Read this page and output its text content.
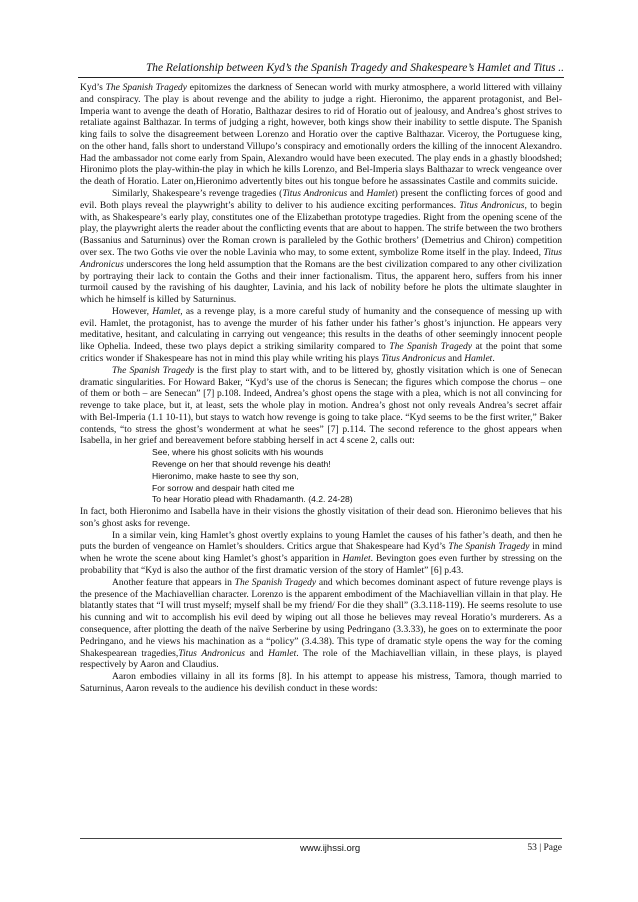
The Relationship between Kyd’s the Spanish Tragedy and Shakespeare’s Hamlet and Titus ..

Kyd’s The Spanish Tragedy epitomizes the darkness of Senecan world with murky atmosphere, a world littered with villainy and conspiracy. The play is about revenge and the ability to judge a right. Hieronimo, the apparent protagonist, and Bel-Imperia want to avenge the death of Horatio, Balthazar desires to rid of Horatio out of jealousy, and Andrea’s ghost strives to retaliate against Balthazar. In terms of judging a right, however, both kings show their inability to settle dispute. The Spanish king fails to solve the disagreement between Lorenzo and Horatio over the captive Balthazar. Viceroy, the Portuguese king, on the other hand, falls short to understand Villupo’s conspiracy and emotionally orders the killing of the innocent Alexandro. Had the ambassador not come early from Spain, Alexandro would have been executed. The play ends in a ghastly bloodshed; Hironimo plots the play-within-the play in which he kills Lorenzo, and Bel-Imperia slays Balthazar to wreck vengeance over the death of Horatio. Later on,Hieronimo advertently bites out his tongue before he assassinates Castile and commits suicide.

Similarly, Shakespeare’s revenge tragedies (Titus Andronicus and Hamlet) present the conflicting forces of good and evil. Both plays reveal the playwright’s ability to deliver to his audience exciting performances. Titus Andronicus, to begin with, as Shakespeare’s early play, constitutes one of the Elizabethan prototype tragedies. Right from the opening scene of the play, the playwright alerts the reader about the conflicting events that are about to happen. The strife between the two brothers (Bassanius and Saturninus) over the Roman crown is paralleled by the Gothic brothers’ (Demetrius and Chiron) competition over sex. The two Goths vie over the noble Lavinia who may, to some extent, symbolize Rome itself in the play. Indeed, Titus Andronicus underscores the long held assumption that the Romans are the best civilization compared to any other civilization by portraying their lack to contain the Goths and their inner factionalism. Titus, the apparent hero, suffers from his inner turmoil caused by the ravishing of his daughter, Lavinia, and his lack of nobility before he plots the ultimate slaughter in which he himself is killed by Saturninus.

However, Hamlet, as a revenge play, is a more careful study of humanity and the consequence of messing up with evil. Hamlet, the protagonist, has to avenge the murder of his father under his father’s ghost’s injunction. He appears very meditative, hesitant, and calculating in carrying out vengeance; this results in the deaths of other seemingly innocent people like Ophelia. Indeed, these two plays depict a striking similarity compared to The Spanish Tragedy at the point that some critics wonder if Shakespeare has not in mind this play while writing his plays Titus Andronicus and Hamlet.

The Spanish Tragedy is the first play to start with, and to be littered by, ghostly visitation which is one of Senecan dramatic singularities. For Howard Baker, “Kyd’s use of the chorus is Senecan; the figures which compose the chorus – one of them or both – are Senecan” [7] p.108. Indeed, Andrea’s ghost opens the stage with a plea, which is not all convincing for revenge to take place, but it, at least, sets the whole play in motion. Andrea’s ghost not only reveals Andrea’s secret affair with Bel-Imperia (1.1 10-11), but stays to watch how revenge is going to take place. “Kyd seems to be the first writer,” Baker contends, “to stress the ghost’s wonderment at what he sees” [7] p.114. The second reference to the ghost appears when Isabella, in her grief and bereavement before stabbing herself in act 4 scene 2, calls out:

See, where his ghost solicits with his wounds
Revenge on her that should revenge his death!
Hieronimo, make haste to see thy son,
For sorrow and despair hath cited me
To hear Horatio plead with Rhadamanth. (4.2. 24-28)

In fact, both Hieronimo and Isabella have in their visions the ghostly visitation of their dead son. Hieronimo believes that his son’s ghost asks for revenge.

In a similar vein, king Hamlet’s ghost overtly explains to young Hamlet the causes of his father’s death, and then he puts the burden of vengeance on Hamlet’s shoulders. Critics argue that Shakespeare had Kyd’s The Spanish Tragedy in mind when he wrote the scene about king Hamlet’s ghost’s apparition in Hamlet. Bevington goes even further by stressing on the probability that “Kyd is also the author of the first dramatic version of the story of Hamlet” [6] p.43.

Another feature that appears in The Spanish Tragedy and which becomes dominant aspect of future revenge plays is the presence of the Machiavellian character. Lorenzo is the apparent embodiment of the Machiavellian villain in that play. He blatantly states that “I will trust myself; myself shall be my friend/ For die they shall” (3.3.118-119). He seems resolute to use his cunning and wit to accomplish his evil deed by wiping out all those he believes may reveal Horatio’s murderers. As a consequence, after plotting the death of the naïve Serberine by using Pedringano (3.3.33), he goes on to exterminate the poor Pedringano, and he views his machination as a “policy” (3.4.38). This type of dramatic style opens the way for the coming Shakespearean tragedies,Titus Andronicus and Hamlet. The role of the Machiavellian villain, in these plays, is played respectively by Aaron and Claudius.

Aaron embodies villainy in all its forms [8]. In his attempt to appease his mistress, Tamora, though married to Saturninus, Aaron reveals to the audience his devilish conduct in these words:

www.ijhssi.org	53 | Page
